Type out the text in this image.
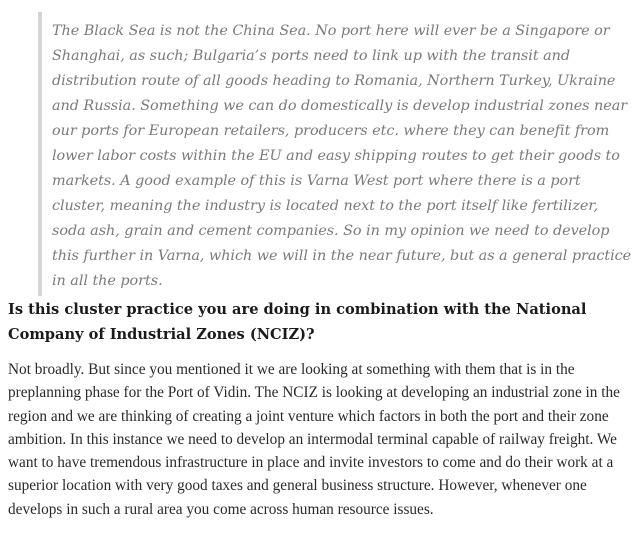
The Black Sea is not the China Sea. No port here will ever be a Singapore or Shanghai, as such; Bulgaria’s ports need to link up with the transit and distribution route of all goods heading to Romania, Northern Turkey, Ukraine and Russia. Something we can do domestically is develop industrial zones near our ports for European retailers, producers etc. where they can benefit from lower labor costs within the EU and easy shipping routes to get their goods to markets. A good example of this is Varna West port where there is a port cluster, meaning the industry is located next to the port itself like fertilizer, soda ash, grain and cement companies. So in my opinion we need to develop this further in Varna, which we will in the near future, but as a general practice in all the ports.

Is this cluster practice you are doing in combination with the National Company of Industrial Zones (NCIZ)?

Not broadly. But since you mentioned it we are looking at something with them that is in the preplanning phase for the Port of Vidin. The NCIZ is looking at developing an industrial zone in the region and we are thinking of creating a joint venture which factors in both the port and their zone ambition. In this instance we need to develop an intermodal terminal capable of railway freight. We want to have tremendous infrastructure in place and invite investors to come and do their work at a superior location with very good taxes and general business structure. However, whenever one develops in such a rural area you come across human resource issues.
